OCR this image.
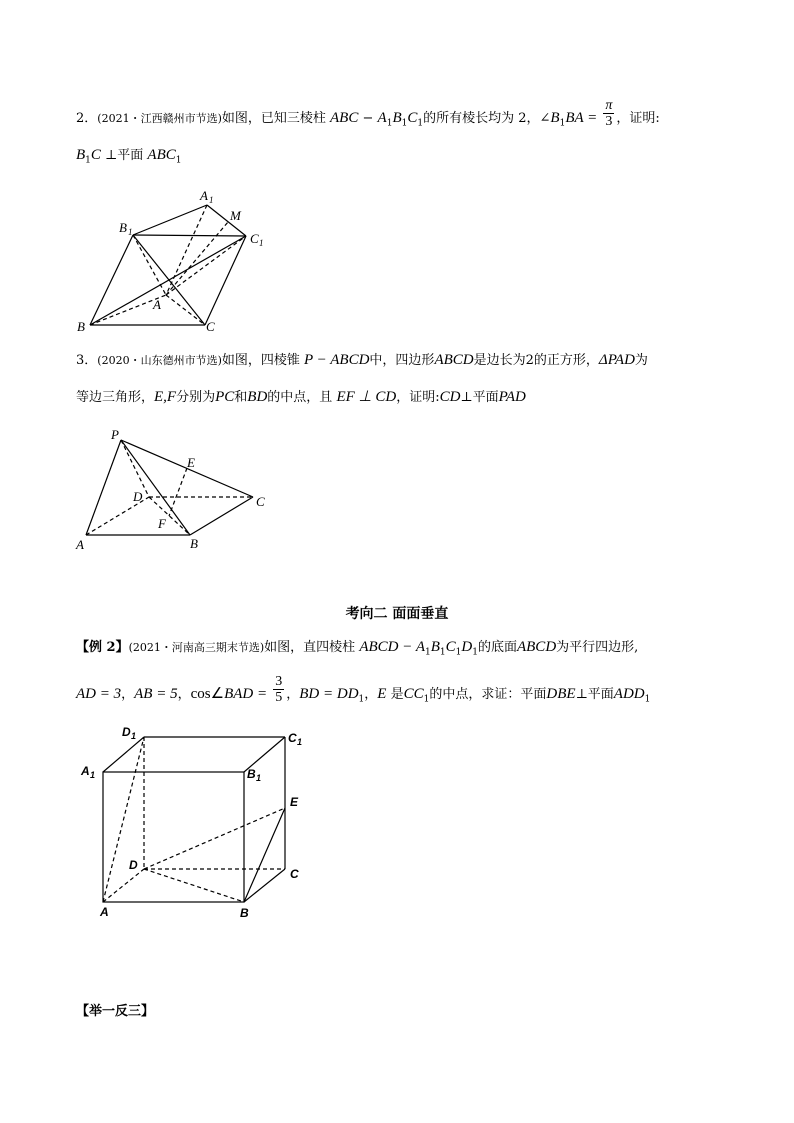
2．(2021・江西赣州市节选)如图，已知三棱柱 ABC − $A_1B_1C_1$的所有棱长均为 2，$\angle B_1BA = \frac{\pi}{3}$ ，证明:
$B_1C$ ⊥平面 $ABC_1$
3．(2020・山东德州市节选)如图，四棱锥 P − ABCD中，四边形ABCD是边长为2的正方形，ΔPAD为
等边三角形，E,F分别为PC和BD的中点，且 EF ⊥ CD，证明:CD⊥平面PAD
考向二 面面垂直
【例 2】(2021・河南高三期末节选)如图，直四棱柱 ABCD − $A_1B_1C_1D_1$的底面ABCD为平行四边形,
AD = 3，AB = 5，cos∠BAD = $\frac{3}{5}$ ，BD = $DD_1$，E 是$CC_1$的中点，求证：平面DBE⊥平面$ADD_1$
【举一反三】
A 1
M
B 1	C 1
A
B	C
P
E
D	C
F
A	B
D 1	C 1
A 1	B 1
E
D
C
A	B
